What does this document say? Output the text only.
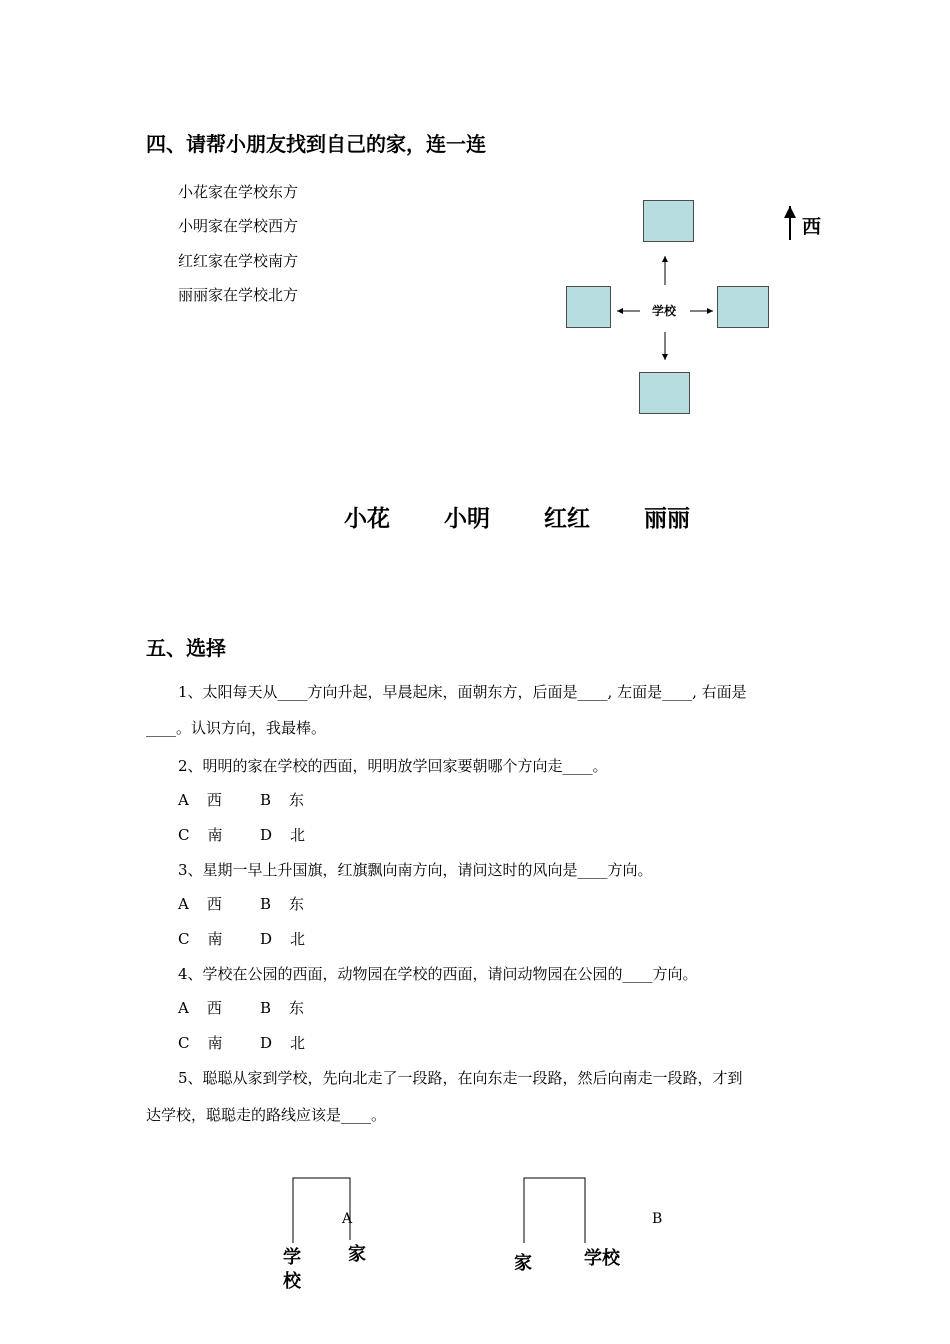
四、请帮小朋友找到自己的家，连一连
小花家在学校东方
小明家在学校西方
红红家在学校南方
丽丽家在学校北方
学校
西
小花 小明 红红 丽丽
五、选择
1、太阳每天从____方向升起，早晨起床，面朝东方，后面是____, 左面是____, 右面是
____。认识方向，我最棒。
2、明明的家在学校的西面，明明放学回家要朝哪个方向走____。
A 西	B 东
C 南	D 北
3、星期一早上升国旗，红旗飘向南方向，请问这时的风向是____方向。
A 西	B 东
C 南	D 北
4、学校在公园的西面，动物园在学校的西面，请问动物园在公园的____方向。
A 西	B 东
C 南	D 北
5、聪聪从家到学校，先向北走了一段路，在向东走一段路，然后向南走一段路，才到
达学校，聪聪走的路线应该是____。
A
学
校
家
B
家	学校
